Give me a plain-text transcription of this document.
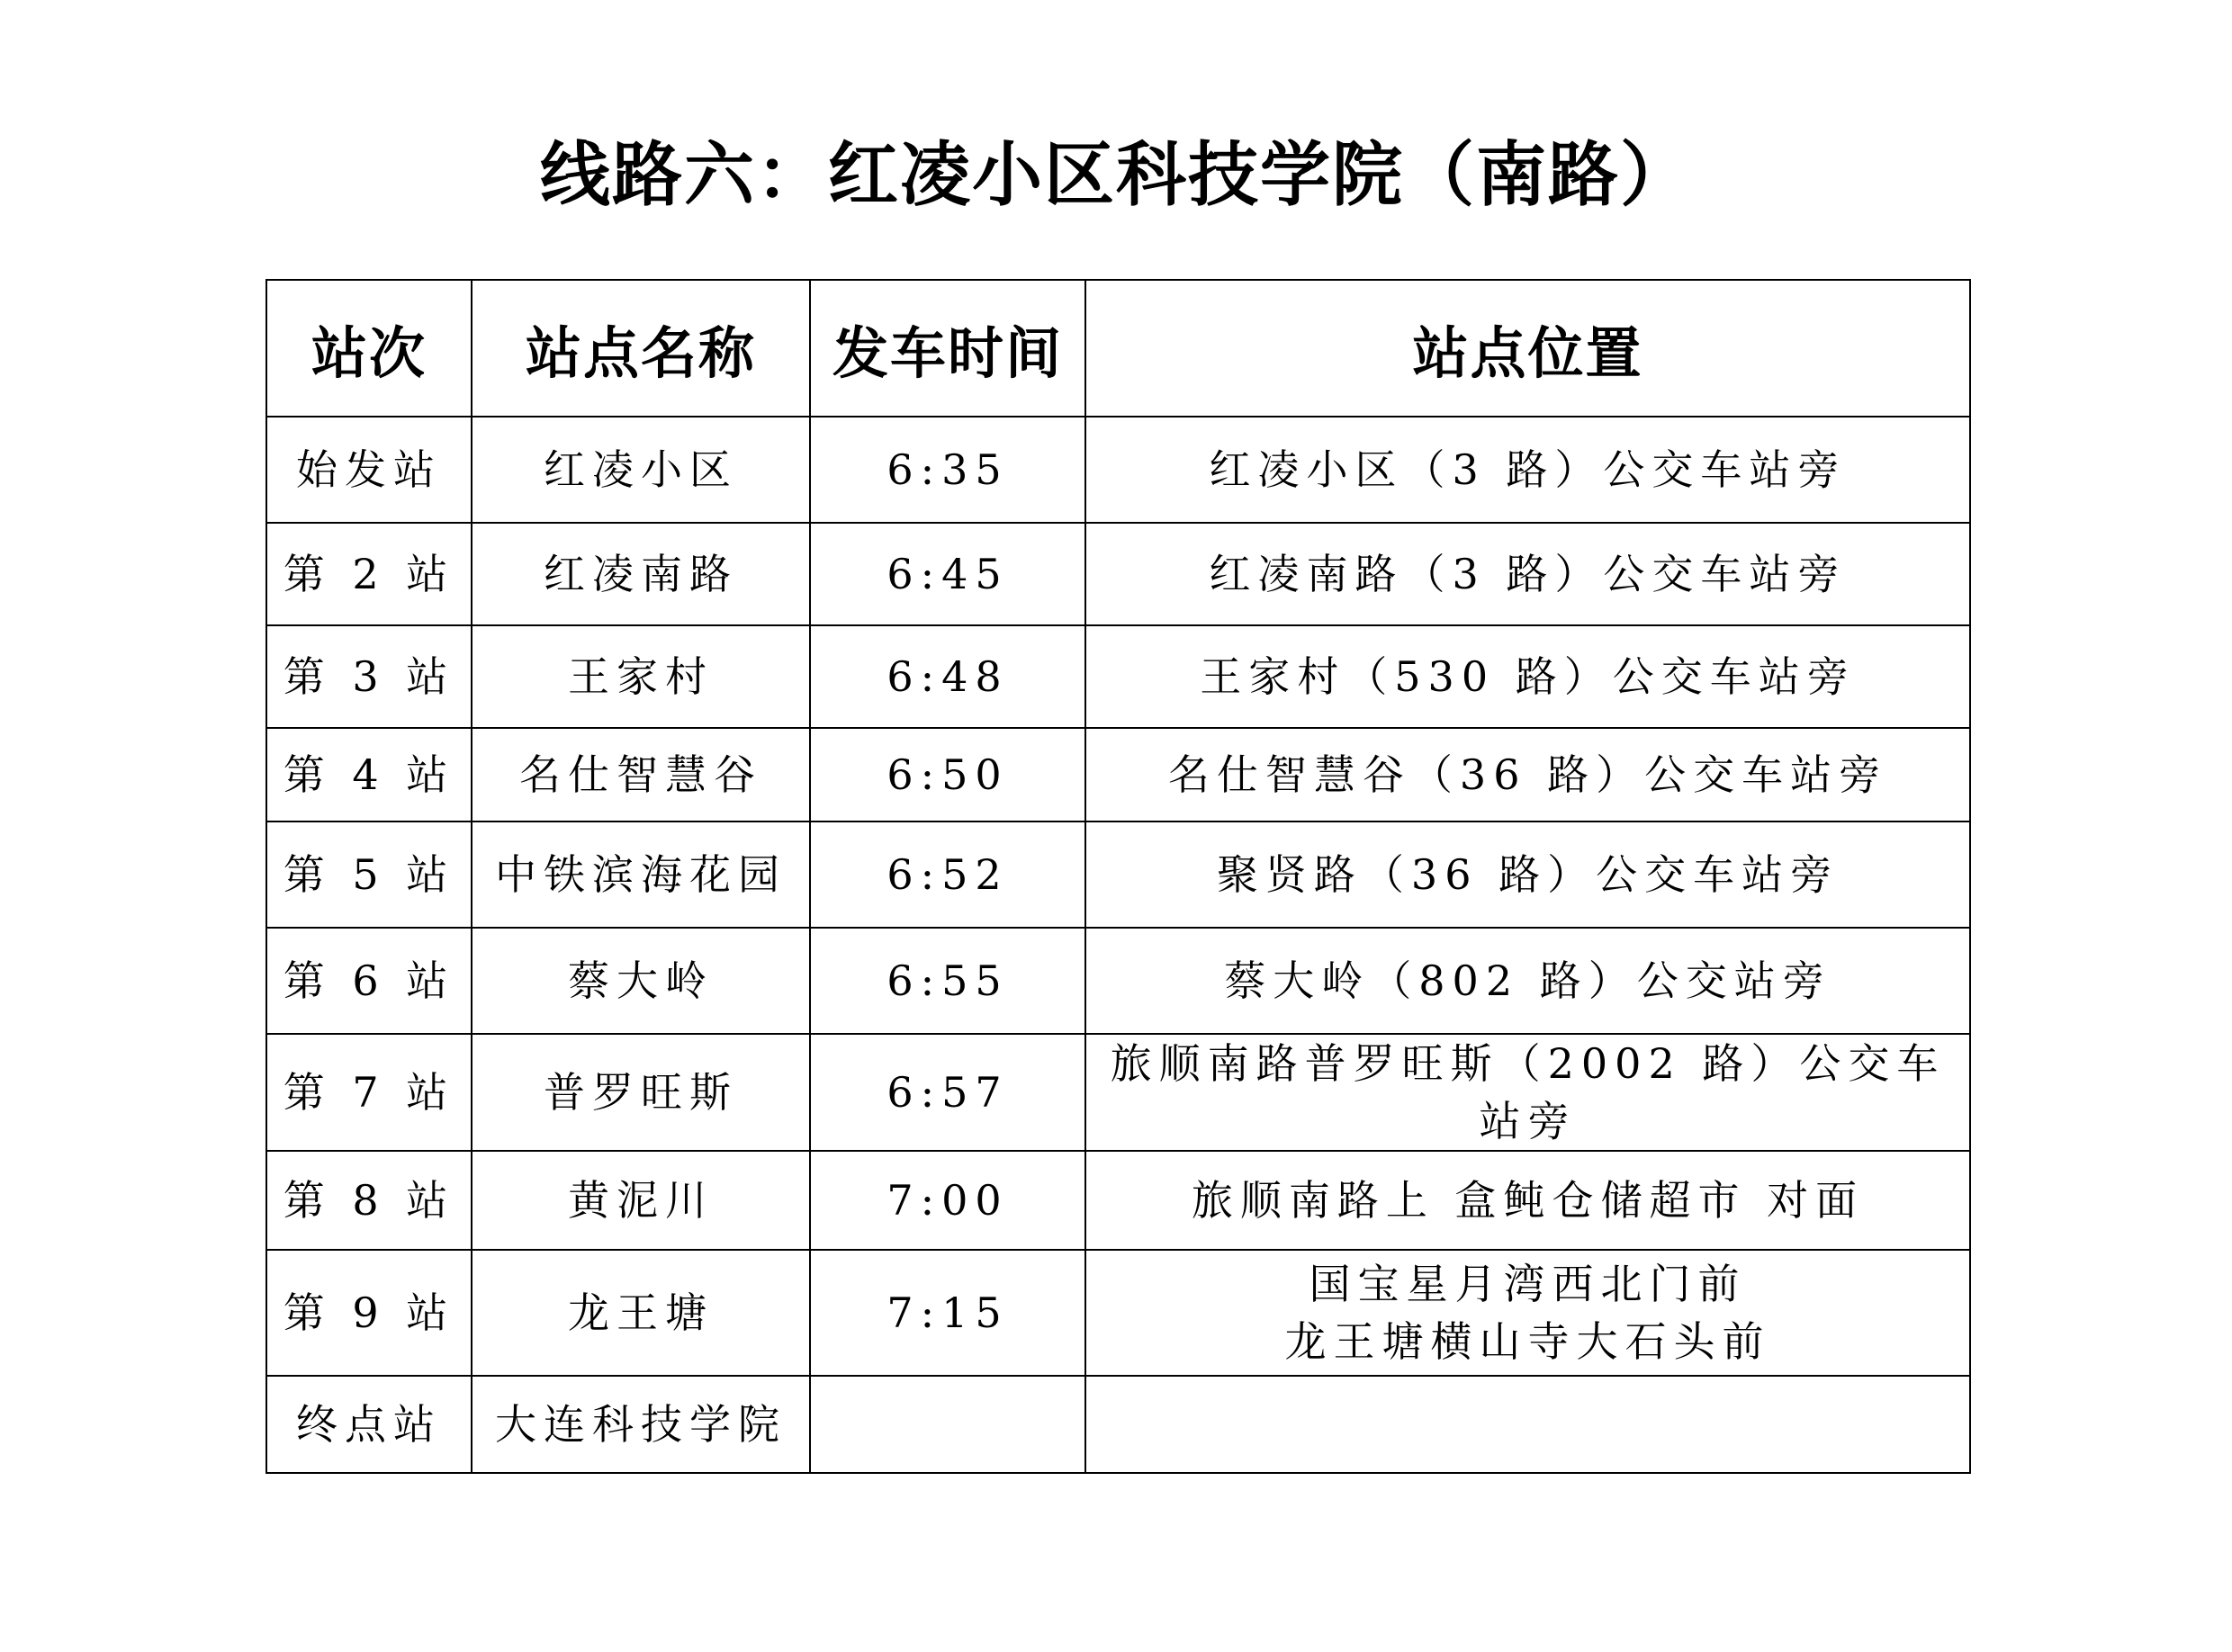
线路六：红凌小区科技学院（南路）
站次	站点名称	发车时间	站点位置
始发站	红凌小区	6:35	红凌小区（3 路）公交车站旁

第 2 站	红凌南路	6:45	红凌南路（3 路）公交车站旁

第 3 站	王家村	6:48	王家村（530 路）公交车站旁

第 4 站	名仕智慧谷	6:50	名仕智慧谷（36 路）公交车站旁

第 5 站	中铁滨海花园	6:52	聚贤路（36 路）公交车站旁

第 6 站	蔡大岭	6:55	蔡大岭（802 路）公交站旁

第 7 站	普罗旺斯	6:57	旅顺南路普罗旺斯（2002 路）公交车站旁

第 8 站	黄泥川	7:00	旅顺南路上 盒鲀仓储超市 对面

第 9 站	龙王塘	7:15	国宝星月湾西北门前
龙王塘横山寺大石头前

终点站	大连科技学院		
